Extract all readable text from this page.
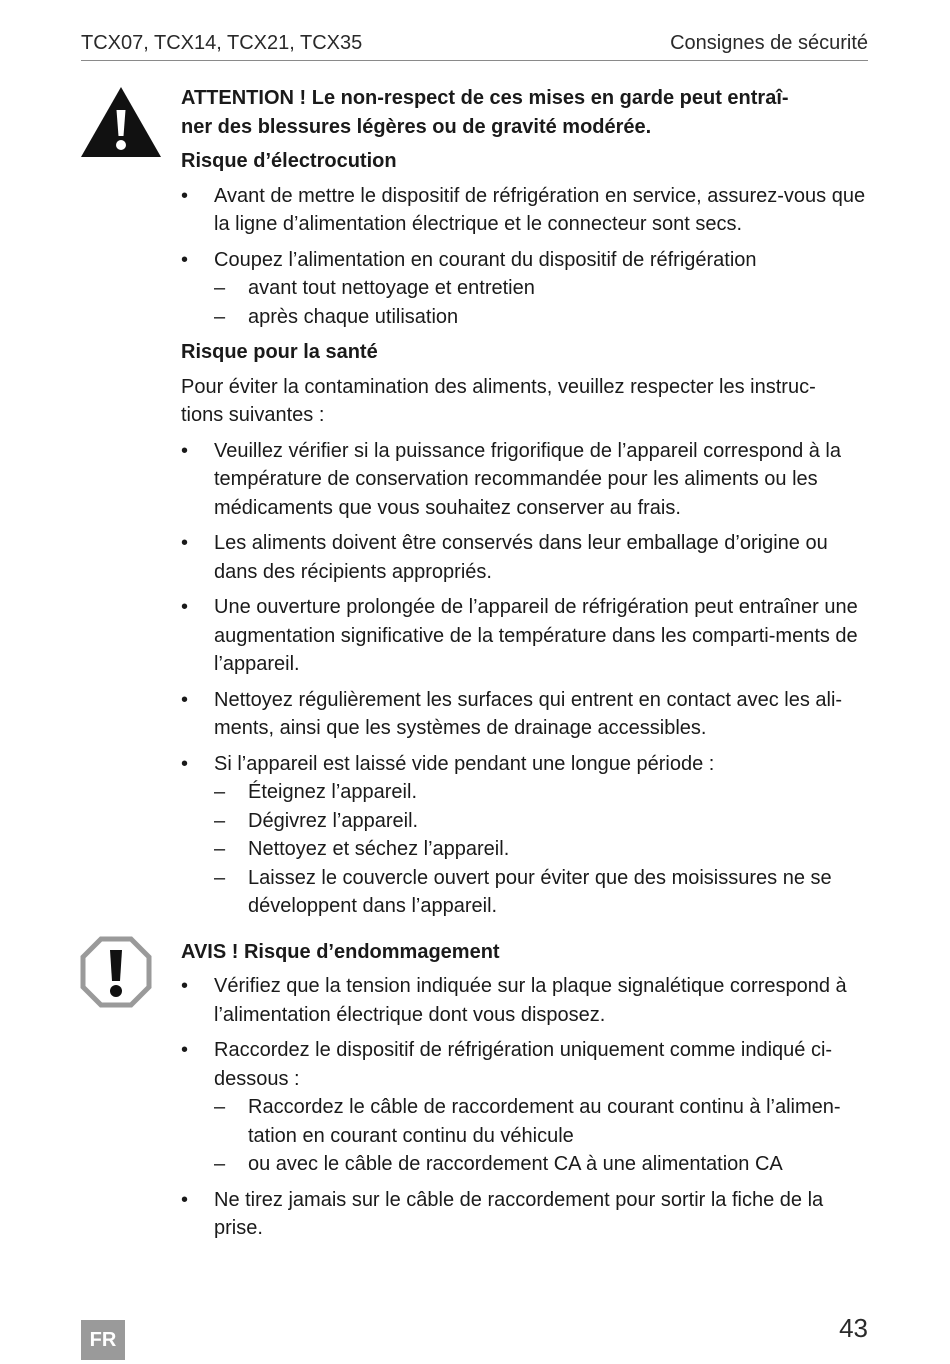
TCX07, TCX14, TCX21, TCX35	Consignes de sécurité

ATTENTION ! Le non-respect de ces mises en garde peut entraî-
ner des blessures légères ou de gravité modérée.

Risque d’électrocution

• Avant de mettre le dispositif de réfrigération en service, assurez-vous que la ligne d’alimentation électrique et le connecteur sont secs.
• Coupez l’alimentation en courant du dispositif de réfrigération
– avant tout nettoyage et entretien
– après chaque utilisation

Risque pour la santé

Pour éviter la contamination des aliments, veuillez respecter les instruc-
tions suivantes :

• Veuillez vérifier si la puissance frigorifique de l’appareil correspond à la température de conservation recommandée pour les aliments ou les médicaments que vous souhaitez conserver au frais.
• Les aliments doivent être conservés dans leur emballage d’origine ou dans des récipients appropriés.
• Une ouverture prolongée de l’appareil de réfrigération peut entraîner une augmentation significative de la température dans les comparti-ments de l’appareil.
• Nettoyez régulièrement les surfaces qui entrent en contact avec les ali-ments, ainsi que les systèmes de drainage accessibles.
• Si l’appareil est laissé vide pendant une longue période :
– Éteignez l’appareil.
– Dégivrez l’appareil.
– Nettoyez et séchez l’appareil.
– Laissez le couvercle ouvert pour éviter que des moisissures ne se développent dans l’appareil.

AVIS ! Risque d’endommagement

• Vérifiez que la tension indiquée sur la plaque signalétique correspond à l’alimentation électrique dont vous disposez.
• Raccordez le dispositif de réfrigération uniquement comme indiqué ci-dessous :
– Raccordez le câble de raccordement au courant continu à l’alimen-tation en courant continu du véhicule
– ou avec le câble de raccordement CA à une alimentation CA
• Ne tirez jamais sur le câble de raccordement pour sortir la fiche de la prise.
FR	43
